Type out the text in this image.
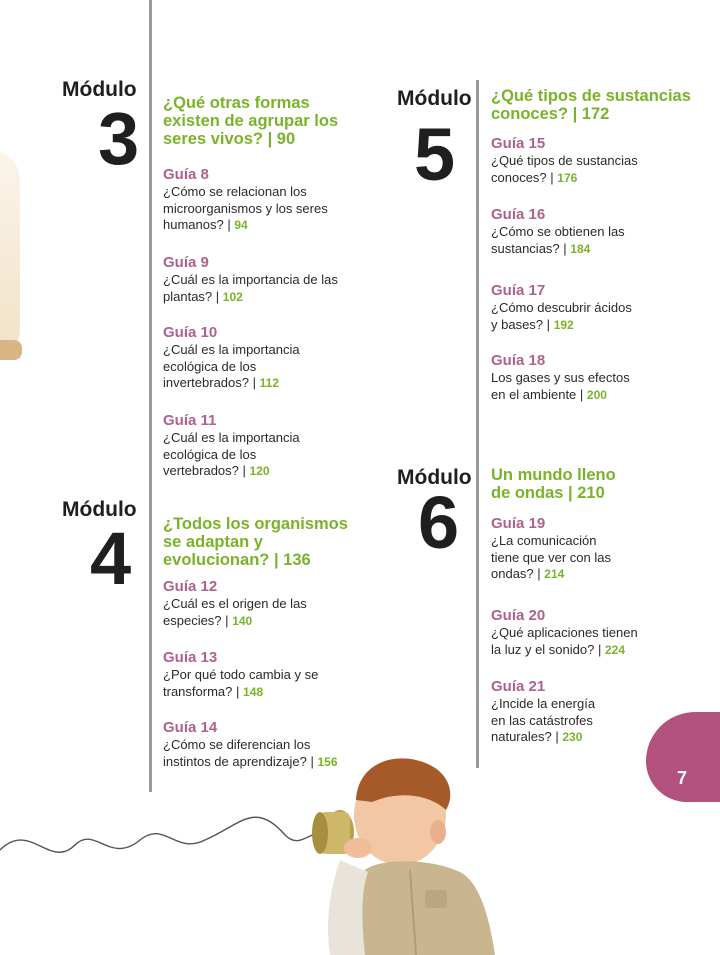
Módulo
3 ¿Qué otras formas
existen de agrupar los
seres vivos? | 90
Guía 8
¿Cómo se relacionan los
microorganismos y los seres
humanos? | 94
Guía 9
¿Cuál es la importancia de las
plantas? | 102
Guía 10
¿Cuál es la importancia
ecológica de los
invertebrados? | 112
Guía 11
¿Cuál es la importancia
ecológica de los
vertebrados? | 120
Módulo
4 ¿Todos los organismos
se adaptan y
evolucionan? | 136
Guía 12
¿Cuál es el origen de las
especies? | 140
Guía 13
¿Por qué todo cambia y se
transforma? | 148
Guía 14
¿Cómo se diferencian los
instintos de aprendizaje? | 156
Módulo
5
¿Qué tipos de sustancias
conoces? | 172
Guía 15
¿Qué tipos de sustancias
conoces? | 176
Guía 16
¿Cómo se obtienen las
sustancias? | 184
Guía 17
¿Cómo descubrir ácidos
y bases? | 192
Guía 18
Los gases y sus efectos
en el ambiente | 200
Módulo
6
Un mundo lleno
de ondas | 210
Guía 19
¿La comunicación
tiene que ver con las
ondas? | 214
Guía 20
¿Qué aplicaciones tienen
la luz y el sonido? | 224
Guía 21
¿Incide la energía
en las catástrofes
naturales? | 230
7
